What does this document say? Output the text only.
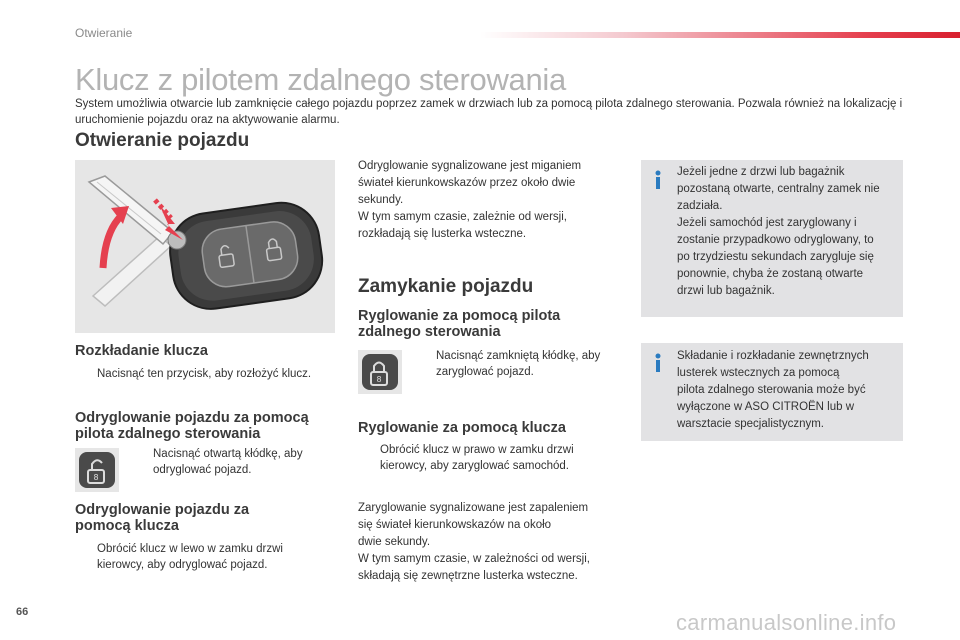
Otwieranie
Klucz z pilotem zdalnego sterowania
System umożliwia otwarcie lub zamknięcie całego pojazdu poprzez zamek w drzwiach lub za pomocą pilota zdalnego sterowania. Pozwala również na lokalizację i uruchomienie pojazdu oraz na aktywowanie alarmu.
Otwieranie pojazdu
Rozkładanie klucza
Nacisnąć ten przycisk, aby rozłożyć klucz.
Odryglowanie pojazdu za pomocą
pilota zdalnego sterowania
8
Nacisnąć otwartą kłódkę, aby
odryglować pojazd.
Odryglowanie pojazdu za
pomocą klucza
Obrócić klucz w lewo w zamku drzwi
kierowcy, aby odryglować pojazd.
Odryglowanie sygnalizowane jest miganiem
świateł kierunkowskazów przez około dwie
sekundy.
W tym samym czasie, zależnie od wersji,
rozkładają się lusterka wsteczne.
Zamykanie pojazdu
Ryglowanie za pomocą pilota
zdalnego sterowania
8
Nacisnąć zamkniętą kłódkę, aby
zaryglować pojazd.
Ryglowanie za pomocą klucza
Obrócić klucz w prawo w zamku drzwi
kierowcy, aby zaryglować samochód.
Zaryglowanie sygnalizowane jest zapaleniem
się świateł kierunkowskazów na około
dwie sekundy.
W tym samym czasie, w zależności od wersji,
składają się zewnętrzne lusterka wsteczne.
Jeżeli jedne z drzwi lub bagażnik
pozostaną otwarte, centralny zamek nie
zadziała.
Jeżeli samochód jest zaryglowany i
zostanie przypadkowo odryglowany, to
po trzydziestu sekundach zarygluje się
ponownie, chyba że zostaną otwarte
drzwi lub bagażnik.
Składanie i rozkładanie zewnętrznych
lusterek wstecznych za pomocą
pilota zdalnego sterowania może być
wyłączone w ASO CITROËN lub w
warsztacie specjalistycznym.
66	carmanualsonline.info
